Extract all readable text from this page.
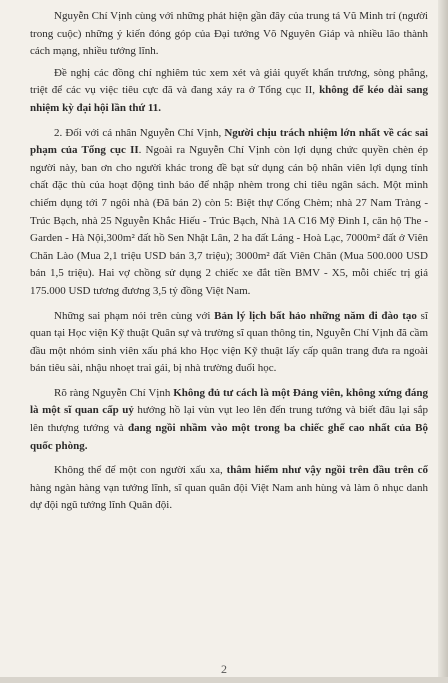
Nguyễn Chí Vịnh cùng với những phát hiện gần đây của trung tá Vũ Minh trí (người trong cuộc) những ý kiến đóng góp của Đại tướng Võ Nguyên Giáp và nhiều lão thành cách mạng, nhiều tướng lĩnh.

Đề nghị các đồng chí nghiêm túc xem xét và giải quyết khẩn trương, sòng phẳng, triệt để các vụ việc tiêu cực đã và đang xảy ra ở Tổng cục II, không để kéo dài sang nhiệm kỳ đại hội lần thứ 11.

2. Đối với cá nhân Nguyễn Chí Vịnh, Người chịu trách nhiệm lớn nhất về các sai phạm của Tổng cục II. Ngoài ra Nguyễn Chí Vịnh còn lợi dụng chức quyền chèn ép người này, ban ơn cho người khác trong đề bạt sử dụng cán bộ nhân viên lợi dụng tính chất đặc thù của hoạt động tình báo để nhập nhèm trong chi tiêu ngân sách. Một mình chiếm dụng tới 7 ngôi nhà (Đã bán 2) còn 5: Biệt thự Cống Chèm; nhà 27 Nam Tràng - Trúc Bạch, nhà 25 Nguyễn Khắc Hiếu - Trúc Bạch, Nhà 1A C16 Mỹ Đình I, căn hộ The - Garden - Hà Nội,300m² đất hồ Sen Nhật Lân, 2 ha đất Láng - Hoà Lạc, 7000m² đất ở Viên Chăn Lào (Mua 2,1 triệu USD bán 3,7 triệu); 3000m² đất Viên Chăn (Mua 500.000 USD bán 1,5 triệu). Hai vợ chồng sử dụng 2 chiếc xe đắt tiền BMV - X5, mỗi chiếc trị giá 175.000 USD tương đương 3,5 tỷ đồng Việt Nam.

Những sai phạm nói trên cùng với Bản lý lịch bất hảo những năm đi đào tạo sĩ quan tại Học viện Kỹ thuật Quân sự và trường sĩ quan thông tin, Nguyễn Chí Vịnh đã cầm đầu một nhóm sinh viên xấu phá kho Học viện Kỹ thuật lấy cấp quân trang đưa ra ngoài bán tiêu sài, nhậu nhoẹt trai gái, bị nhà trường đuổi học.

Rõ ràng Nguyễn Chí Vịnh Không đủ tư cách là một Đảng viên, không xứng đáng là một sĩ quan cấp uỷ hướng hồ lại vùn vụt leo lên đến trung tướng và biết đâu lại sắp lên thượng tướng và đang ngồi nhầm vào một trong ba chiếc ghế cao nhất của Bộ quốc phòng.

Không thể để một con người xấu xa, thâm hiểm như vậy ngồi trên đầu trên cổ hàng ngàn hàng vạn tướng lĩnh, sĩ quan quân đội Việt Nam anh hùng và làm ô nhục danh dự đội ngũ tướng lĩnh Quân đội.

2
